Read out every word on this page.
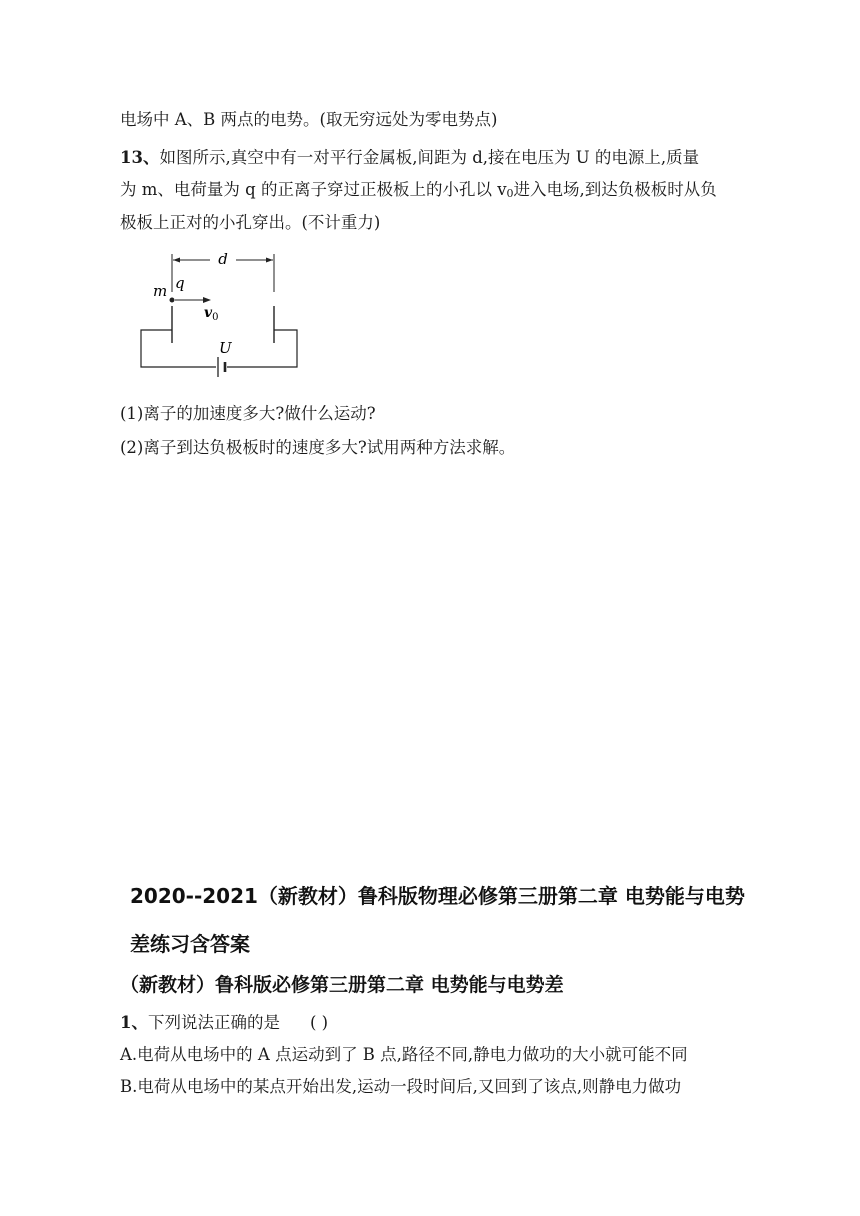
电场中 A、B 两点的电势。(取无穷远处为零电势点)
13、如图所示,真空中有一对平行金属板,间距为 d,接在电压为 U 的电源上,质量
为 m、电荷量为 q 的正离子穿过正极板上的小孔以 v0进入电场,到达负极板时从负
极板上正对的小孔穿出。(不计重力)
d
m q
$v_0$
U
(1)离子的加速度多大?做什么运动?
(2)离子到达负极板时的速度多大?试用两种方法求解。
2020--2021（新教材）鲁科版物理必修第三册第二章 电势能与电势
差练习含答案
（新教材）鲁科版必修第三册第二章 电势能与电势差
1、下列说法正确的是 ( )
A.电荷从电场中的 A 点运动到了 B 点,路径不同,静电力做功的大小就可能不同
B.电荷从电场中的某点开始出发,运动一段时间后,又回到了该点,则静电力做功
